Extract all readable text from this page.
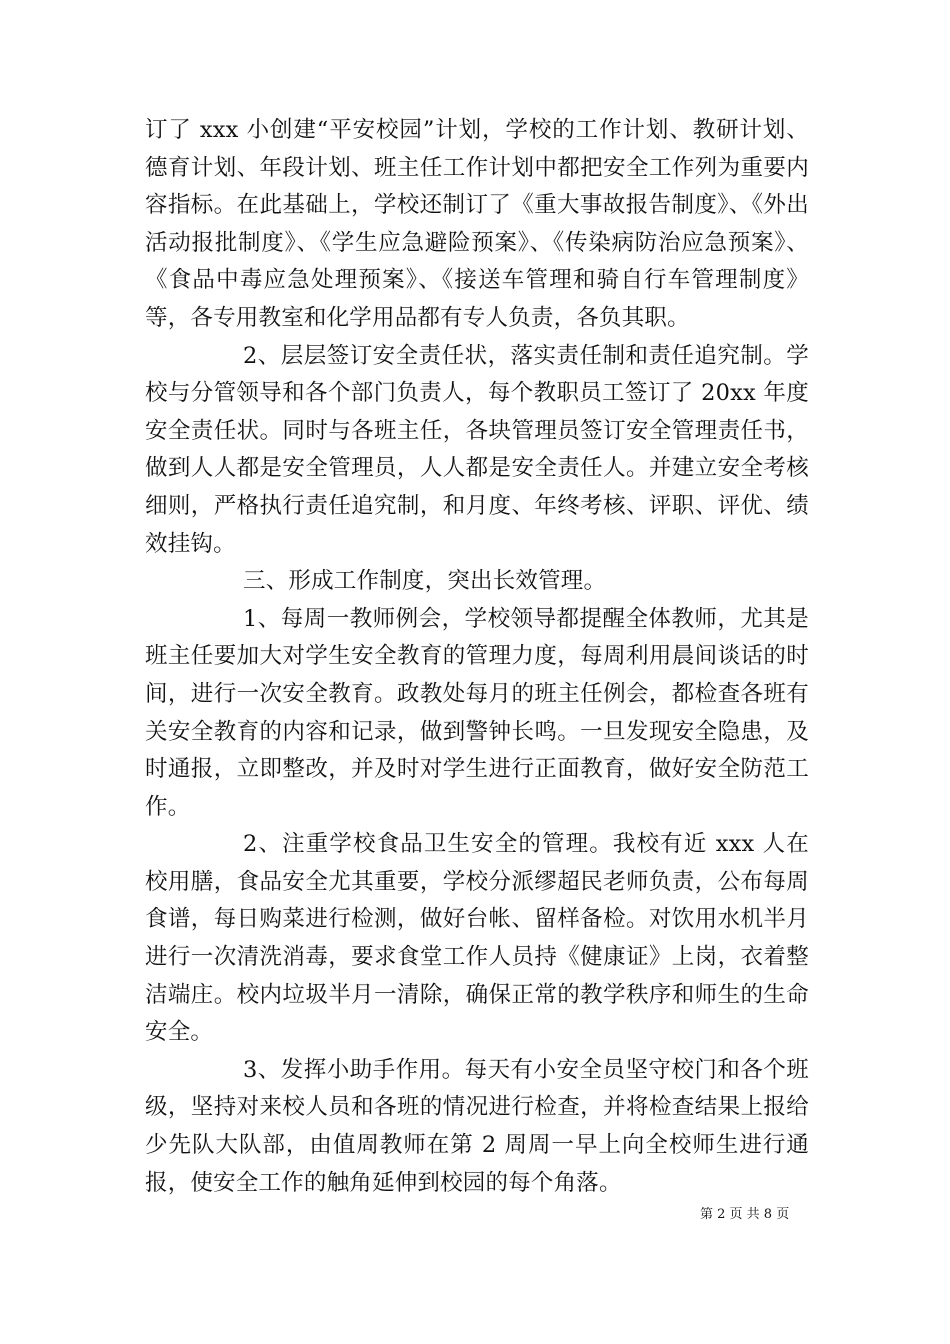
订了 xxx 小创建“平安校园”计划，学校的工作计划、教研计划、德育计划、年段计划、班主任工作计划中都把安全工作列为重要内容指标。在此基础上，学校还制订了《重大事故报告制度》、《外出活动报批制度》、《学生应急避险预案》、《传染病防治应急预案》、《食品中毒应急处理预案》、《接送车管理和骑自行车管理制度》等，各专用教室和化学用品都有专人负责，各负其职。

2、层层签订安全责任状，落实责任制和责任追究制。学校与分管领导和各个部门负责人，每个教职员工签订了 20xx 年度安全责任状。同时与各班主任，各块管理员签订安全管理责任书，做到人人都是安全管理员，人人都是安全责任人。并建立安全考核细则，严格执行责任追究制，和月度、年终考核、评职、评优、绩效挂钩。

三、形成工作制度，突出长效管理。

1、每周一教师例会，学校领导都提醒全体教师，尤其是班主任要加大对学生安全教育的管理力度，每周利用晨间谈话的时间，进行一次安全教育。政教处每月的班主任例会，都检查各班有关安全教育的内容和记录，做到警钟长鸣。一旦发现安全隐患，及时通报，立即整改，并及时对学生进行正面教育，做好安全防范工作。

2、注重学校食品卫生安全的管理。我校有近 xxx 人在校用膳，食品安全尤其重要，学校分派缪超民老师负责，公布每周食谱，每日购菜进行检测，做好台帐、留样备检。对饮用水机半月进行一次清洗消毒，要求食堂工作人员持《健康证》上岗，衣着整洁端庄。校内垃圾半月一清除，确保正常的教学秩序和师生的生命安全。

3、发挥小助手作用。每天有小安全员坚守校门和各个班级，坚持对来校人员和各班的情况进行检查，并将检查结果上报给少先队大队部，由值周教师在第 2 周周一早上向全校师生进行通报，使安全工作的触角延伸到校园的每个角落。

第 2 页 共 8 页
